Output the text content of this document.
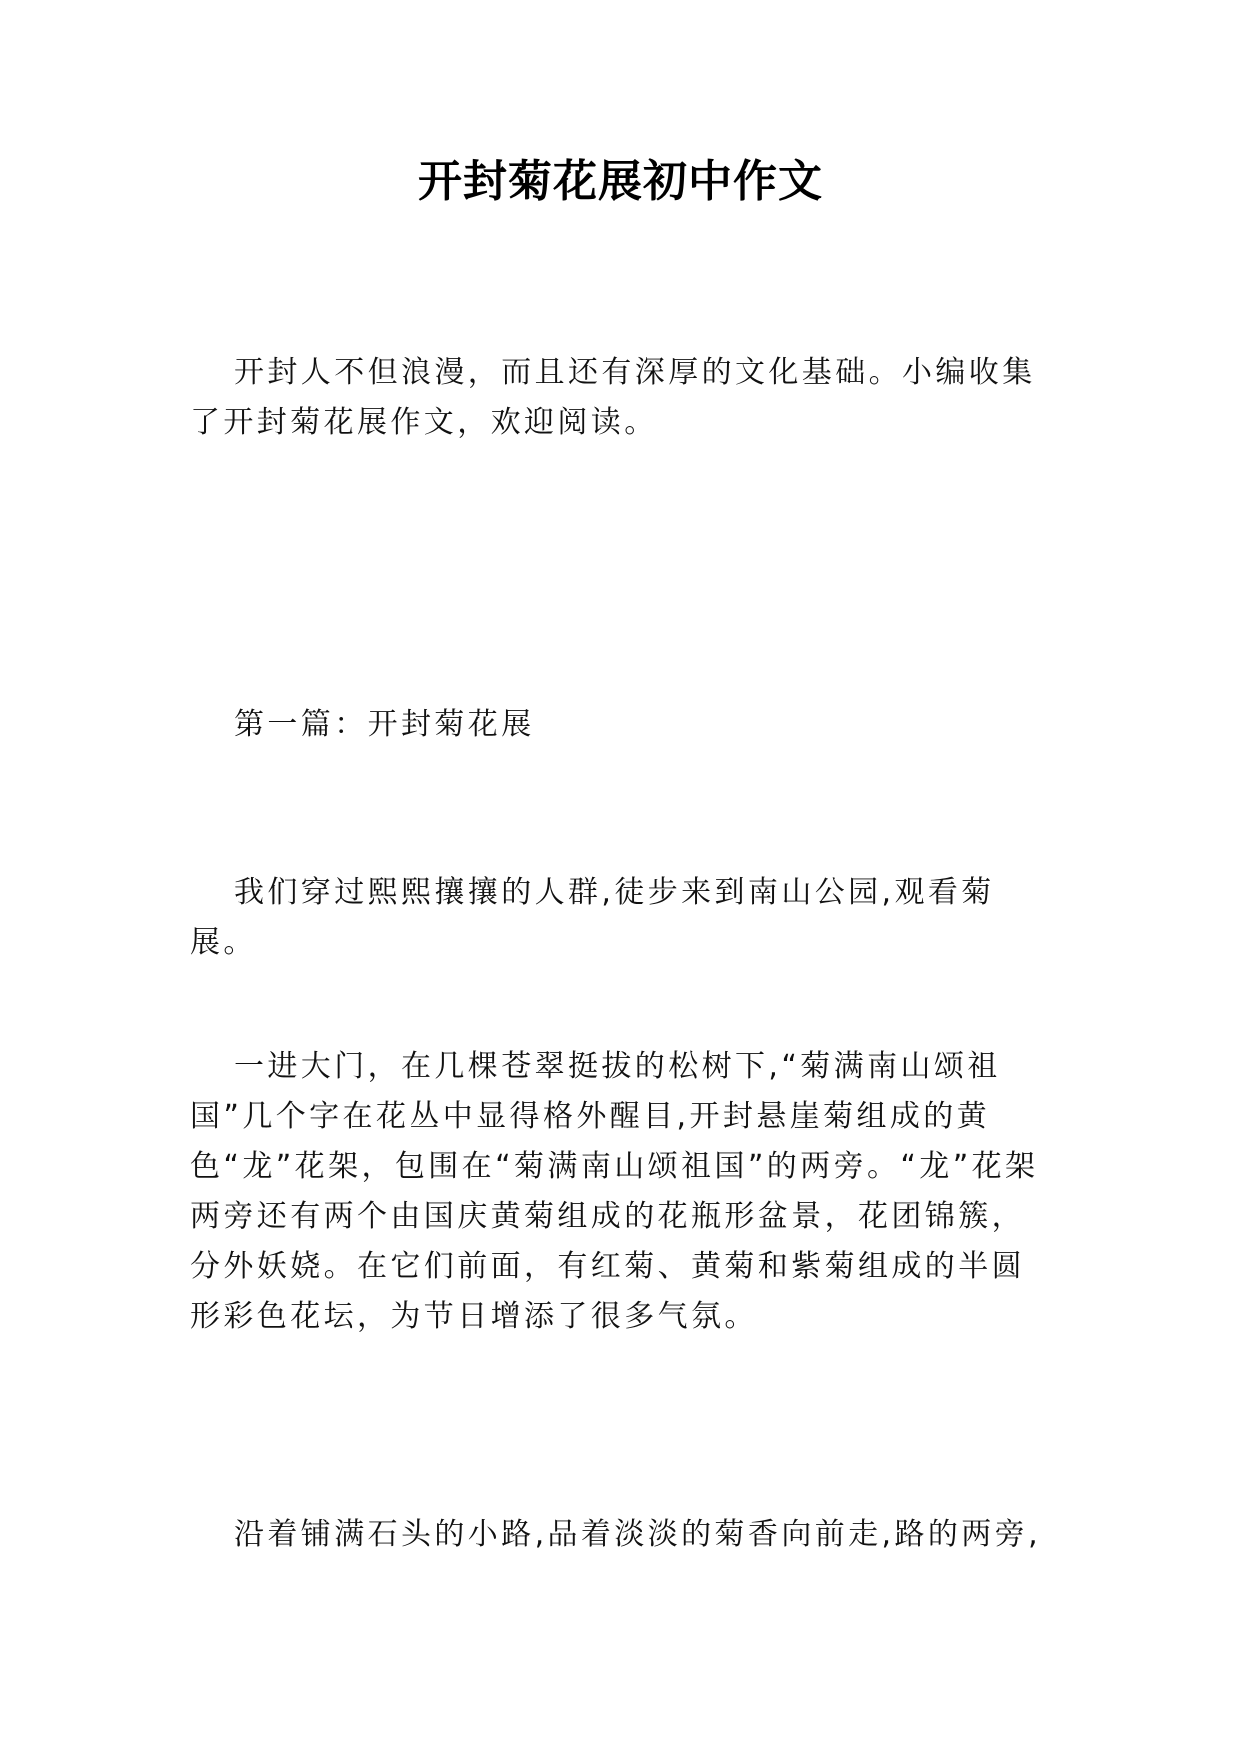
开封菊花展初中作文
开封人不但浪漫，而且还有深厚的文化基础。小编收集了开封菊花展作文，欢迎阅读。
第一篇：开封菊花展
我们穿过熙熙攘攘的人群,徒步来到南山公园,观看菊展。
一进大门，在几棵苍翠挺拔的松树下,“菊满南山颂祖国”几个字在花丛中显得格外醒目,开封悬崖菊组成的黄色“龙”花架，包围在“菊满南山颂祖国”的两旁。“龙”花架两旁还有两个由国庆黄菊组成的花瓶形盆景，花团锦簇，分外妖娆。在它们前面，有红菊、黄菊和紫菊组成的半圆形彩色花坛，为节日增添了很多气氛。
沿着铺满石头的小路,品着淡淡的菊香向前走,路的两旁,
